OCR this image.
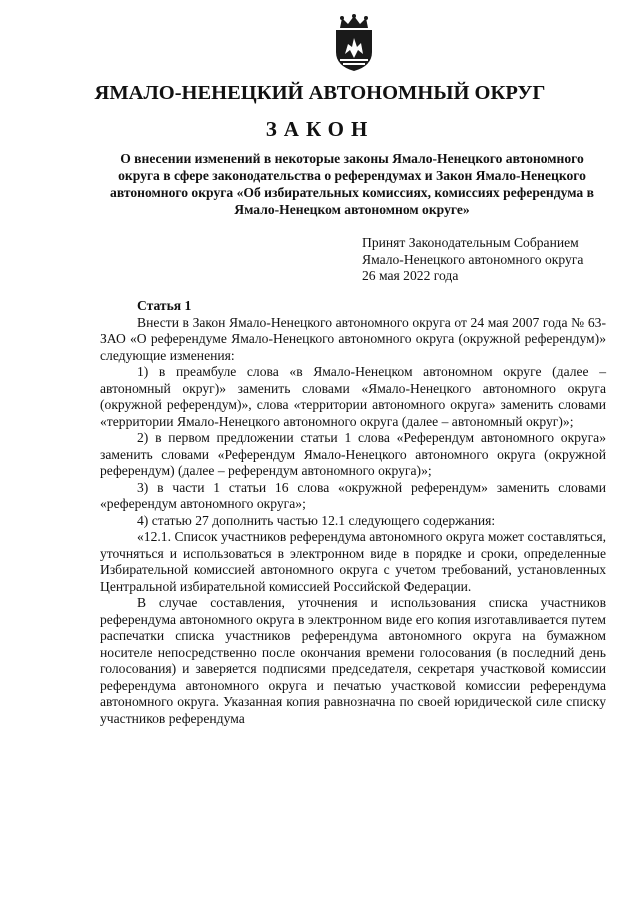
ЯМАЛО-НЕНЕЦКИЙ АВТОНОМНЫЙ ОКРУГ
ЗАКОН
О внесении изменений в некоторые законы Ямало-Ненецкого автономного округа в сфере законодательства о референдумах и Закон Ямало-Ненецкого автономного округа «Об избирательных комиссиях, комиссиях референдума в Ямало-Ненецком автономном округе»
Принят Законодательным Собранием
Ямало-Ненецкого автономного округа
26 мая 2022 года
Статья 1

Внести в Закон Ямало-Ненецкого автономного округа от 24 мая 2007 года № 63-ЗАО «О референдуме Ямало-Ненецкого автономного округа (окружной референдум)» следующие изменения:

1) в преамбуле слова «в Ямало-Ненецком автономном округе (далее – автономный округ)» заменить словами «Ямало-Ненецкого автономного округа (окружной референдум)», слова «территории автономного округа» заменить словами «территории Ямало-Ненецкого автономного округа (далее – автономный округ)»;

2) в первом предложении статьи 1 слова «Референдум автономного округа» заменить словами «Референдум Ямало-Ненецкого автономного округа (окружной референдум) (далее – референдум автономного округа)»;

3) в части 1 статьи 16 слова «окружной референдум» заменить словами «референдум автономного округа»;

4) статью 27 дополнить частью 12.1 следующего содержания:

«12.1. Список участников референдума автономного округа может составляться, уточняться и использоваться в электронном виде в порядке и сроки, определенные Избирательной комиссией автономного округа с учетом требований, установленных Центральной избирательной комиссией Российской Федерации.

В случае составления, уточнения и использования списка участников референдума автономного округа в электронном виде его копия изготавливается путем распечатки списка участников референдума автономного округа на бумажном носителе непосредственно после окончания времени голосования (в последний день голосования) и заверяется подписями председателя, секретаря участковой комиссии референдума автономного округа и печатью участковой комиссии референдума автономного округа. Указанная копия равнозначна по своей юридической силе списку участников референдума
